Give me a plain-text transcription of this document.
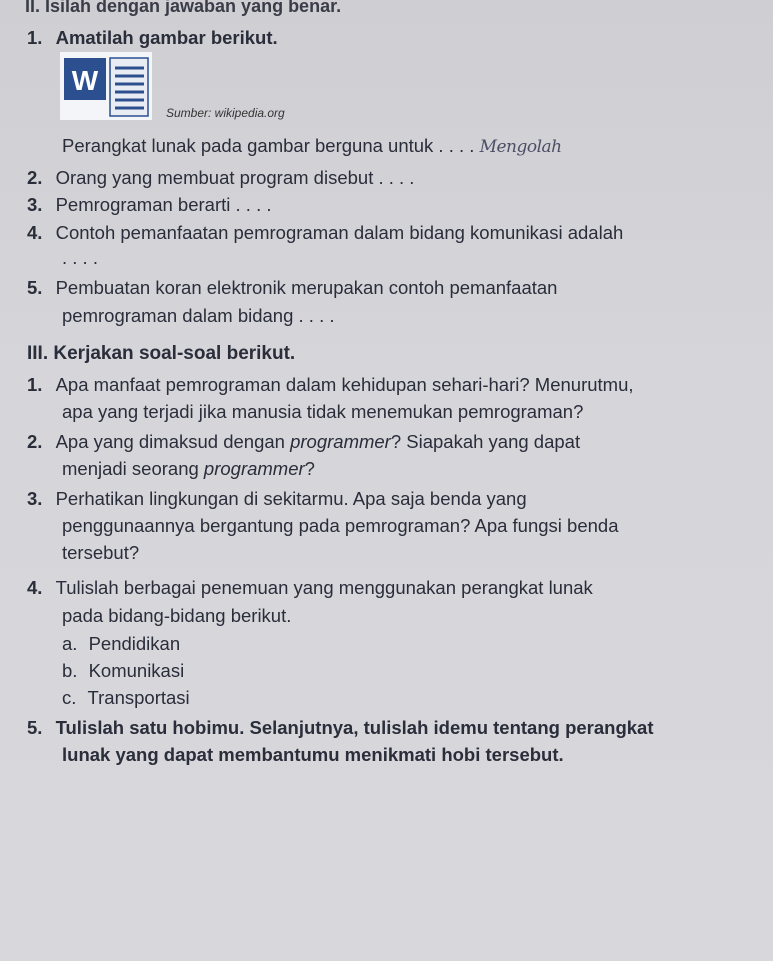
II. Isilah dengan jawaban yang benar.
1. Amatilah gambar berikut.
W
Sumber: wikipedia.org
Perangkat lunak pada gambar berguna untuk . . . . Mengolah
2. Orang yang membuat program disebut . . . .
3. Pemrograman berarti . . . .
4. Contoh pemanfaatan pemrograman dalam bidang komunikasi adalah
. . . .
5. Pembuatan koran elektronik merupakan contoh pemanfaatan
pemrograman dalam bidang . . . .
III. Kerjakan soal-soal berikut.
1. Apa manfaat pemrograman dalam kehidupan sehari-hari? Menurutmu,
apa yang terjadi jika manusia tidak menemukan pemrograman?
2. Apa yang dimaksud dengan programmer? Siapakah yang dapat
menjadi seorang programmer?
3. Perhatikan lingkungan di sekitarmu. Apa saja benda yang
penggunaannya bergantung pada pemrograman? Apa fungsi benda
tersebut?
4. Tulislah berbagai penemuan yang menggunakan perangkat lunak
pada bidang-bidang berikut.
a. Pendidikan
b. Komunikasi
c. Transportasi
5. Tulislah satu hobimu. Selanjutnya, tulislah idemu tentang perangkat
lunak yang dapat membantumu menikmati hobi tersebut.
